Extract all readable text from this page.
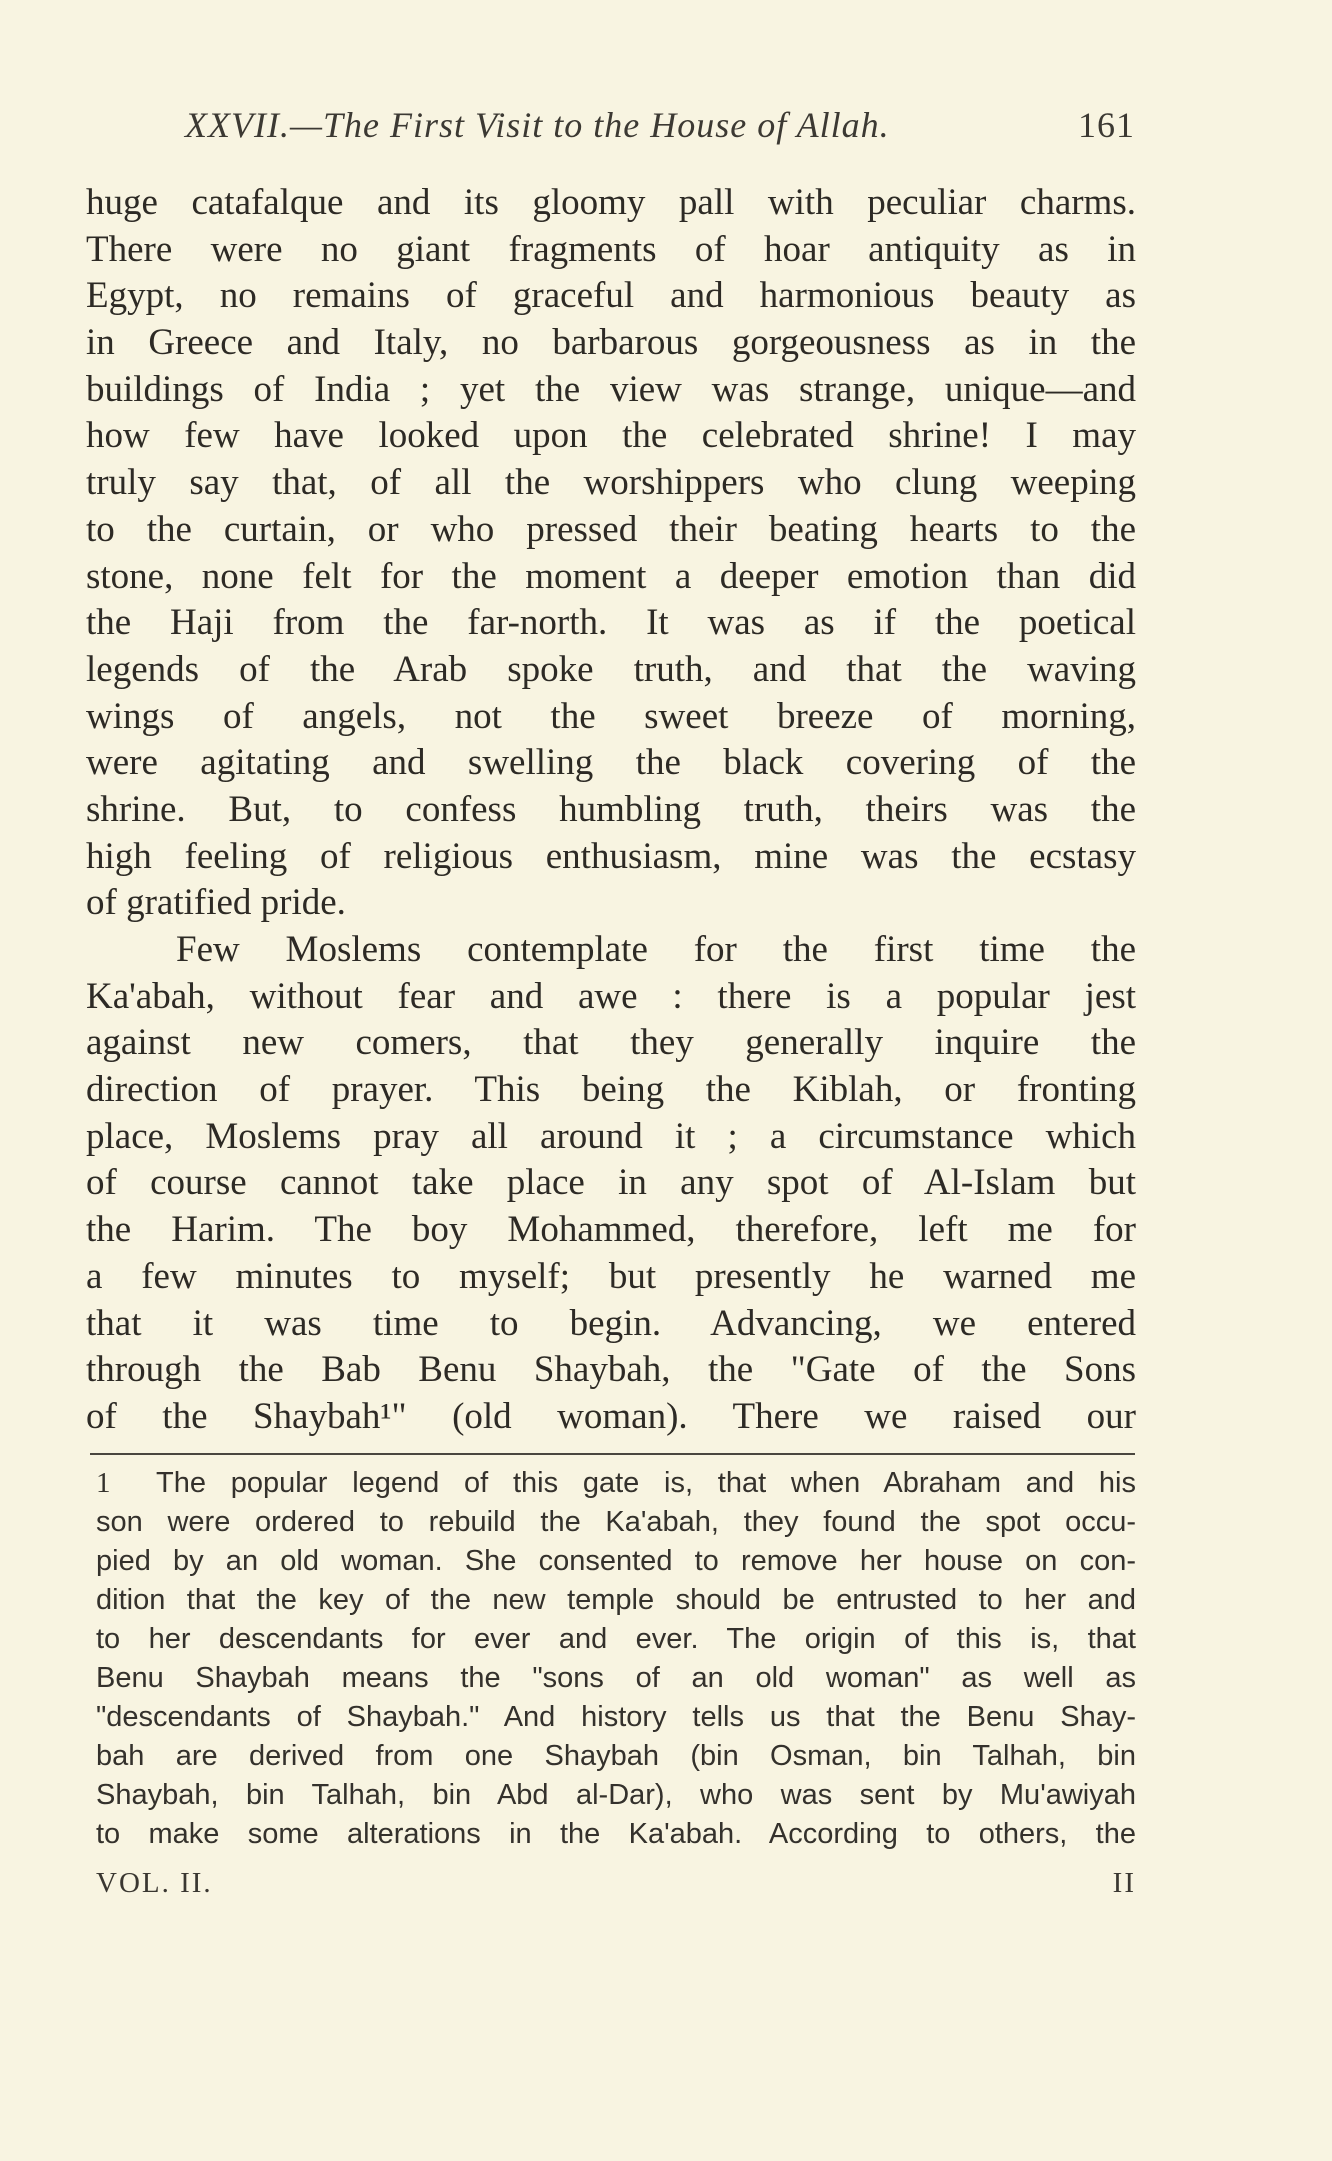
XXVII.—The First Visit to the House of Allah.	161
huge catafalque and its gloomy pall with peculiar charms.
There were no giant fragments of hoar antiquity as in
Egypt, no remains of graceful and harmonious beauty as
in Greece and Italy, no barbarous gorgeousness as in the
buildings of India ; yet the view was strange, unique—and
how few have looked upon the celebrated shrine! I may
truly say that, of all the worshippers who clung weeping
to the curtain, or who pressed their beating hearts to the
stone, none felt for the moment a deeper emotion than did
the Haji from the far-north. It was as if the poetical
legends of the Arab spoke truth, and that the waving
wings of angels, not the sweet breeze of morning,
were agitating and swelling the black covering of the
shrine. But, to confess humbling truth, theirs was the
high feeling of religious enthusiasm, mine was the ecstasy
of gratified pride.
Few Moslems contemplate for the first time the
Ka'abah, without fear and awe : there is a popular jest
against new comers, that they generally inquire the
direction of prayer. This being the Kiblah, or fronting
place, Moslems pray all around it ; a circumstance which
of course cannot take place in any spot of Al-Islam but
the Harim. The boy Mohammed, therefore, left me for
a few minutes to myself; but presently he warned me
that it was time to begin. Advancing, we entered
through the Bab Benu Shaybah, the "Gate of the Sons
of the Shaybah¹" (old woman). There we raised our
1	The popular legend of this gate is, that when Abraham and his
son were ordered to rebuild the Ka'abah, they found the spot occu-
pied by an old woman. She consented to remove her house on con-
dition that the key of the new temple should be entrusted to her and
to her descendants for ever and ever. The origin of this is, that
Benu Shaybah means the "sons of an old woman" as well as
"descendants of Shaybah." And history tells us that the Benu Shay-
bah are derived from one Shaybah (bin Osman, bin Talhah, bin
Shaybah, bin Talhah, bin Abd al-Dar), who was sent by Mu'awiyah
to make some alterations in the Ka'abah. According to others, the
VOL. II.	II
